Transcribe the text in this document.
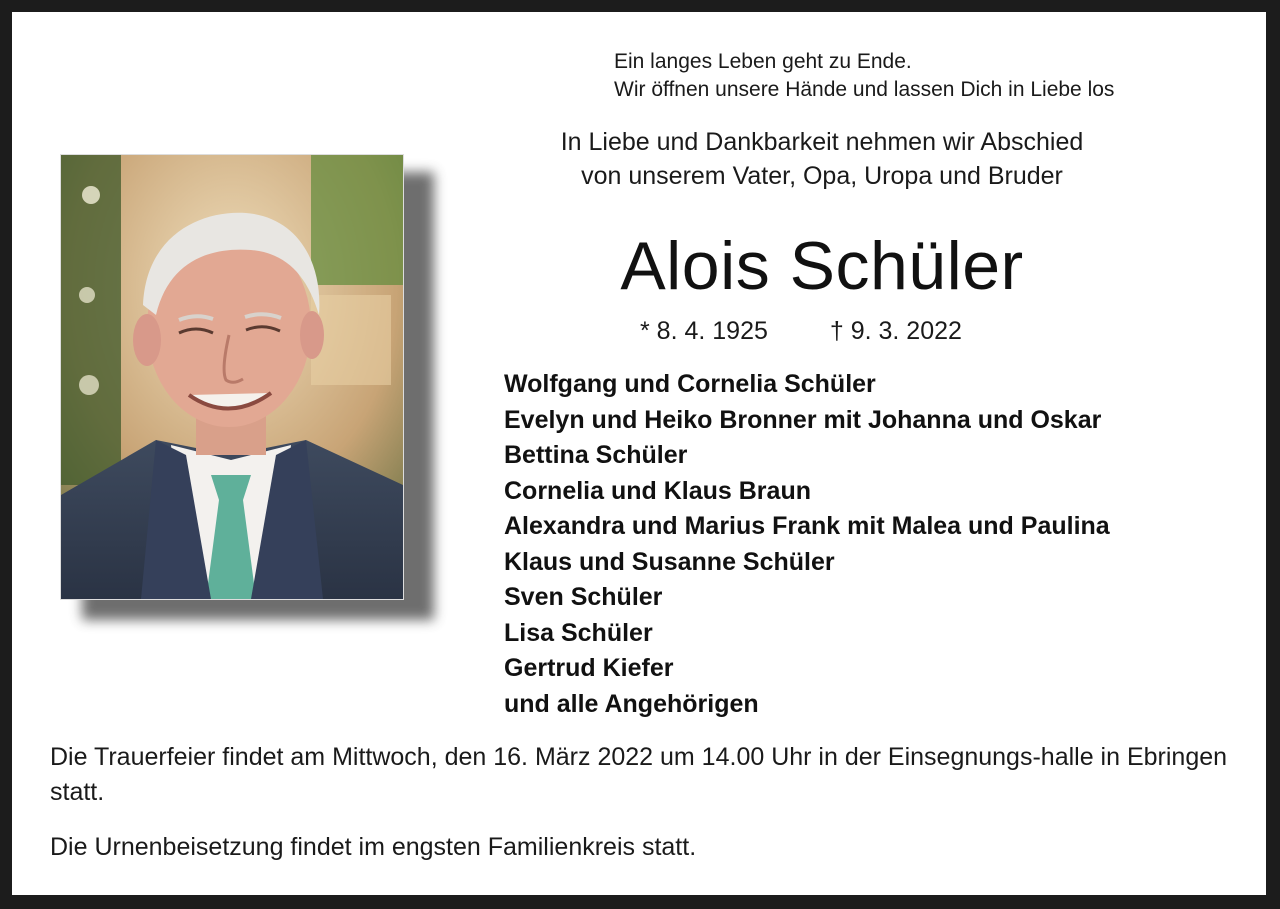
Ein langes Leben geht zu Ende.
Wir öffnen unsere Hände und lassen Dich in Liebe los
In Liebe und Dankbarkeit nehmen wir Abschied
von unserem Vater, Opa, Uropa und Bruder
Alois Schüler
* 8. 4. 1925 † 9. 3. 2022
Wolfgang und Cornelia Schüler
Evelyn und Heiko Bronner mit Johanna und Oskar
Bettina Schüler
Cornelia und Klaus Braun
Alexandra und Marius Frank mit Malea und Paulina
Klaus und Susanne Schüler
Sven Schüler
Lisa Schüler
Gertrud Kiefer
und alle Angehörigen
Die Trauerfeier findet am Mittwoch, den 16. März 2022 um 14.00 Uhr in der Einsegnungs-halle in Ebringen statt.
Die Urnenbeisetzung findet im engsten Familienkreis statt.
